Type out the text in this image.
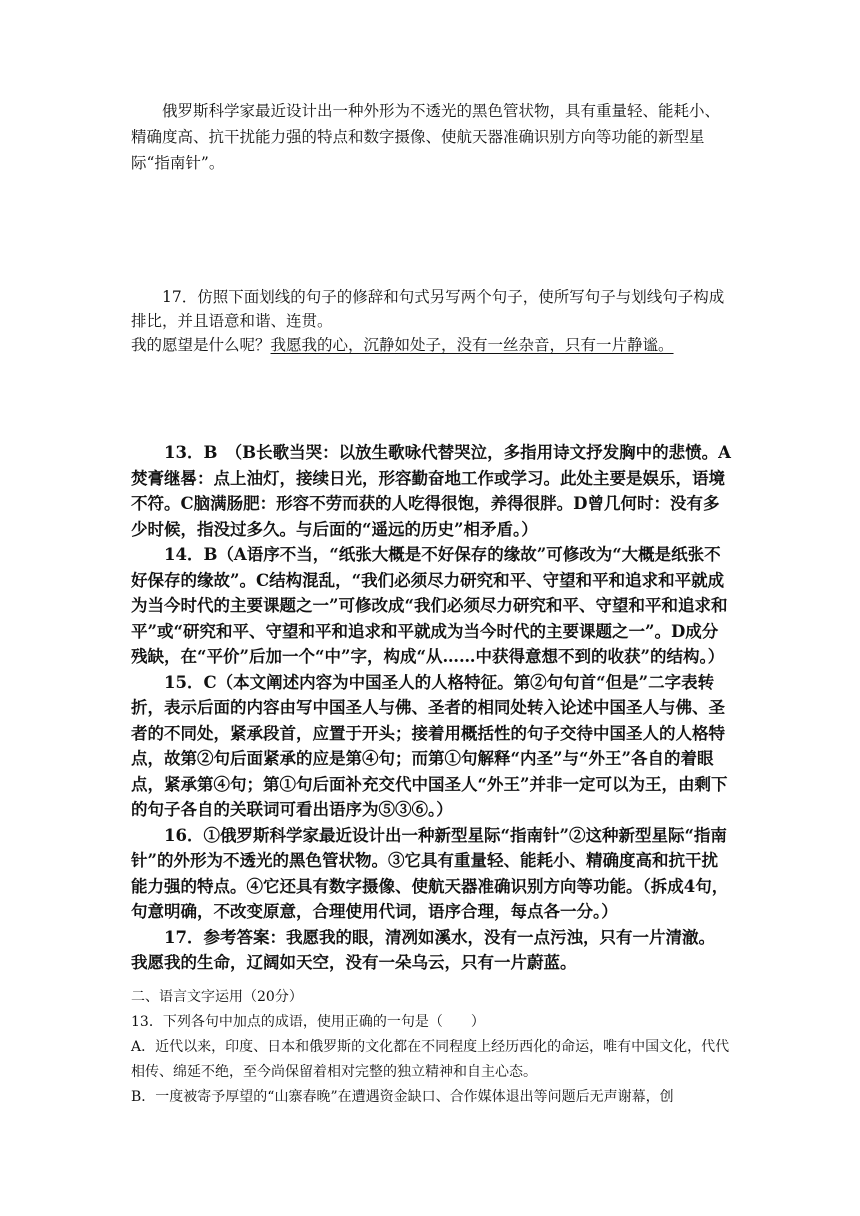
俄罗斯科学家最近设计出一种外形为不透光的黑色管状物，具有重量轻、能耗小、精确度高、抗干扰能力强的特点和数字摄像、使航天器准确识别方向等功能的新型星际“指南针”。

17．仿照下面划线的句子的修辞和句式另写两个句子，使所写句子与划线句子构成排比，并且语意和谐、连贯。

我的愿望是什么呢？我愿我的心，沉静如处子，没有一丝杂音，只有一片静谧。

13．B　（B长歌当哭：以放生歌咏代替哭泣，多指用诗文抒发胸中的悲愤。A焚膏继晷：点上油灯，接续日光，形容勤奋地工作或学习。此处主要是娱乐，语境不符。C脑满肠肥：形容不劳而获的人吃得很饱，养得很胖。D曾几何时：没有多少时候，指没过多久。与后面的“遥远的历史”相矛盾。）

14．B（A语序不当，“纸张大概是不好保存的缘故”可修改为“大概是纸张不好保存的缘故”。C结构混乱，“我们必须尽力研究和平、守望和平和追求和平就成为当今时代的主要课题之一”可修改成“我们必须尽力研究和平、守望和平和追求和平”或“研究和平、守望和平和追求和平就成为当今时代的主要课题之一”。D成分残缺，在“平价”后加一个“中”字，构成“从……中获得意想不到的收获”的结构。）

15．C（本文阐述内容为中国圣人的人格特征。第②句句首“但是”二字表转折，表示后面的内容由写中国圣人与佛、圣者的相同处转入论述中国圣人与佛、圣者的不同处，紧承段首，应置于开头；接着用概括性的句子交待中国圣人的人格特点，故第②句后面紧承的应是第④句；而第①句解释“内圣”与“外王”各自的着眼点，紧承第④句；第①句后面补充交代中国圣人“外王”并非一定可以为王，由剩下的句子各自的关联词可看出语序为⑤③⑥。）

16．①俄罗斯科学家最近设计出一种新型星际“指南针”②这种新型星际“指南针”的外形为不透光的黑色管状物。③它具有重量轻、能耗小、精确度高和抗干扰能力强的特点。④它还具有数字摄像、使航天器准确识别方向等功能。（拆成4句，句意明确，不改变原意，合理使用代词，语序合理，每点各一分。）

17．参考答案：我愿我的眼，清冽如溪水，没有一点污浊，只有一片清澈。我愿我的生命，辽阔如天空，没有一朵乌云，只有一片蔚蓝。

二、语言文字运用（20分）

13．下列各句中加点的成语，使用正确的一句是（　　）

A．近代以来，印度、日本和俄罗斯的文化都在不同程度上经历西化的命运，唯有中国文化，代代相传、绵延不绝，至今尚保留着相对完整的独立精神和自主心态。

B．一度被寄予厚望的“山寨春晚”在遭遇资金缺口、合作媒体退出等问题后无声谢幕，创
